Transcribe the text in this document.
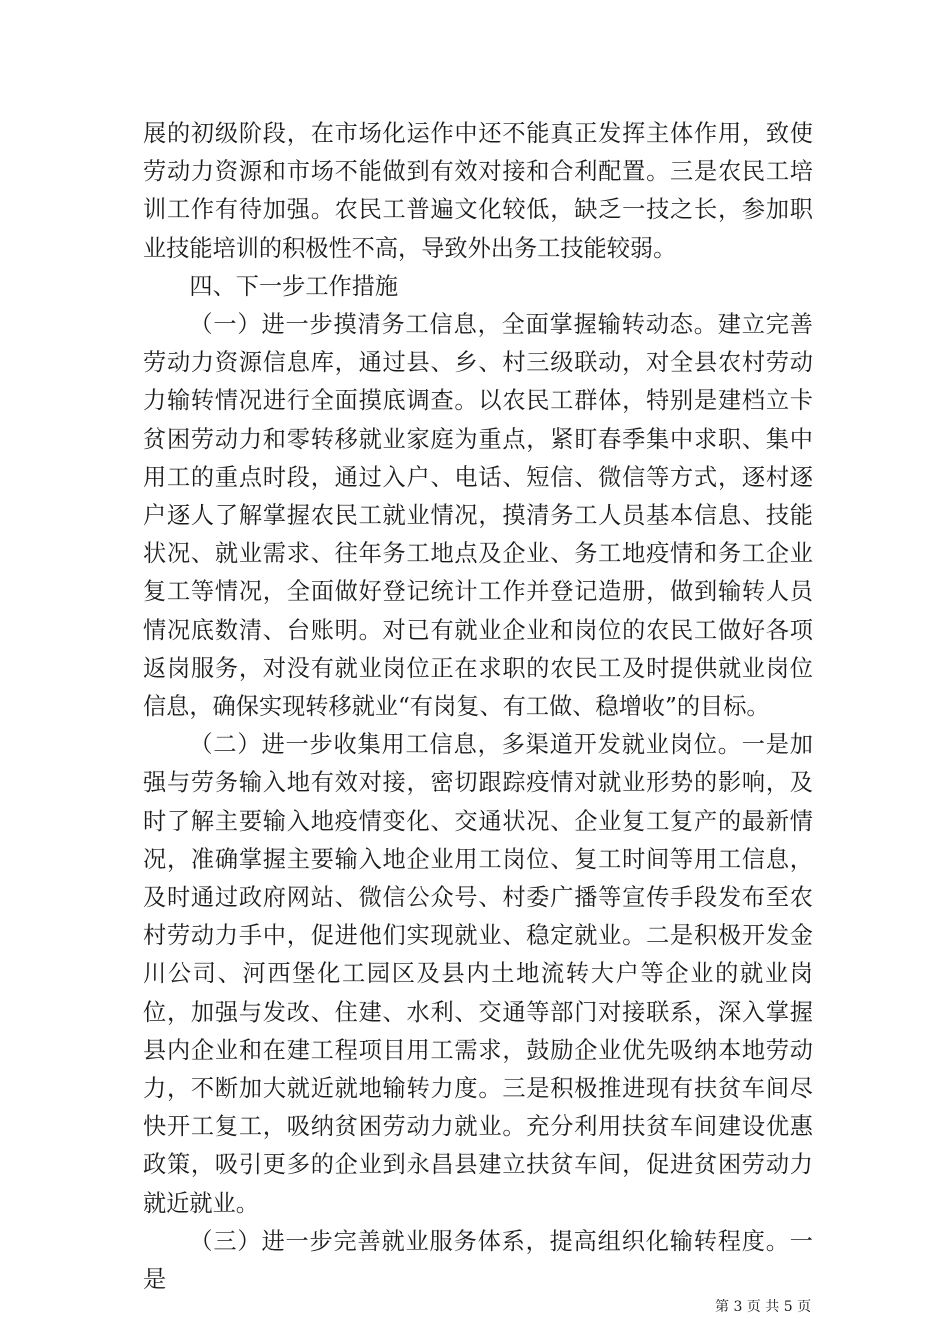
展的初级阶段，在市场化运作中还不能真正发挥主体作用，致使劳动力资源和市场不能做到有效对接和合利配置。三是农民工培训工作有待加强。农民工普遍文化较低，缺乏一技之长，参加职业技能培训的积极性不高，导致外出务工技能较弱。

四、下一步工作措施

（一）进一步摸清务工信息，全面掌握输转动态。建立完善劳动力资源信息库，通过县、乡、村三级联动，对全县农村劳动力输转情况进行全面摸底调查。以农民工群体，特别是建档立卡贫困劳动力和零转移就业家庭为重点，紧盯春季集中求职、集中用工的重点时段，通过入户、电话、短信、微信等方式，逐村逐户逐人了解掌握农民工就业情况，摸清务工人员基本信息、技能状况、就业需求、往年务工地点及企业、务工地疫情和务工企业复工等情况，全面做好登记统计工作并登记造册，做到输转人员情况底数清、台账明。对已有就业企业和岗位的农民工做好各项返岗服务，对没有就业岗位正在求职的农民工及时提供就业岗位信息，确保实现转移就业“有岗复、有工做、稳增收”的目标。

（二）进一步收集用工信息，多渠道开发就业岗位。一是加强与劳务输入地有效对接，密切跟踪疫情对就业形势的影响，及时了解主要输入地疫情变化、交通状况、企业复工复产的最新情况，准确掌握主要输入地企业用工岗位、复工时间等用工信息，及时通过政府网站、微信公众号、村委广播等宣传手段发布至农村劳动力手中，促进他们实现就业、稳定就业。二是积极开发金川公司、河西堡化工园区及县内土地流转大户等企业的就业岗位，加强与发改、住建、水利、交通等部门对接联系，深入掌握县内企业和在建工程项目用工需求，鼓励企业优先吸纳本地劳动力，不断加大就近就地输转力度。三是积极推进现有扶贫车间尽快开工复工，吸纳贫困劳动力就业。充分利用扶贫车间建设优惠政策，吸引更多的企业到永昌县建立扶贫车间，促进贫困劳动力就近就业。

（三）进一步完善就业服务体系，提高组织化输转程度。一是

第 3 页 共 5 页
